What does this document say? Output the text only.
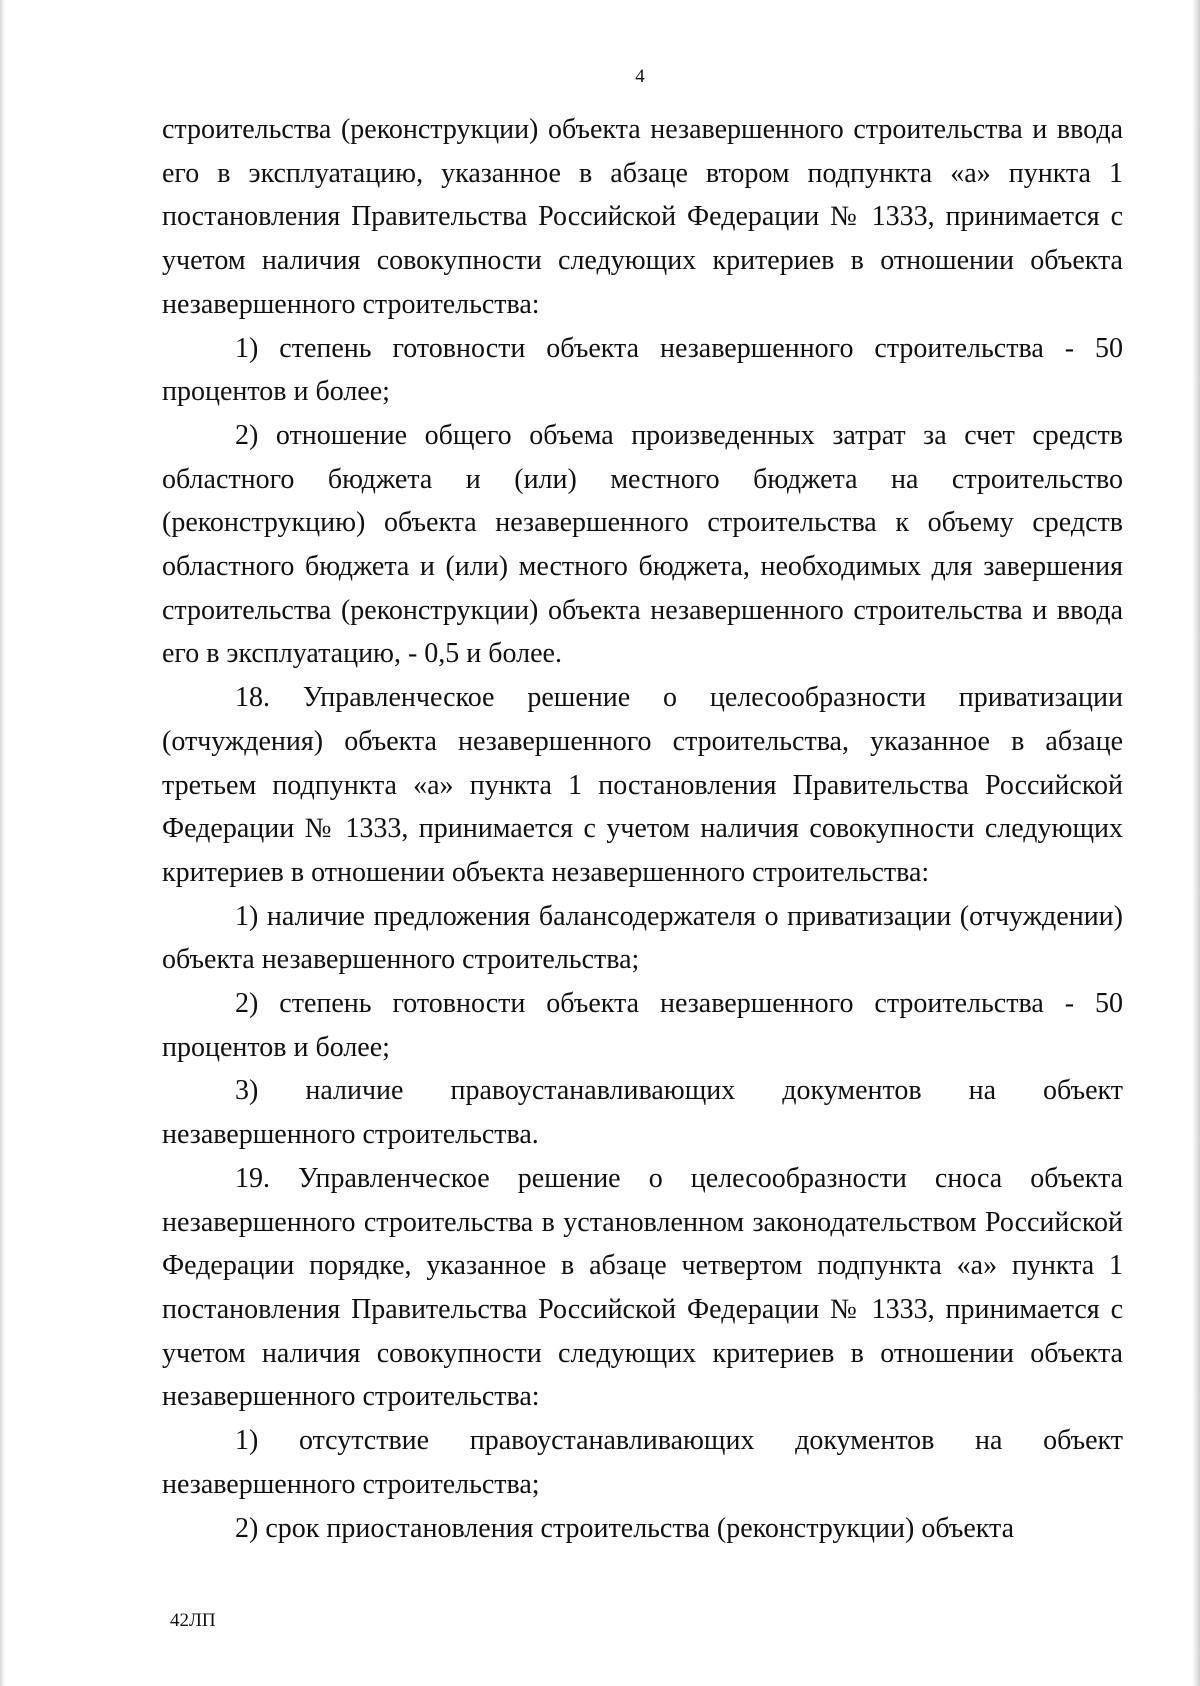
4

строительства (реконструкции) объекта незавершенного строительства и ввода его в эксплуатацию, указанное в абзаце втором подпункта «а» пункта 1 постановления Правительства Российской Федерации № 1333, принимается с учетом наличия совокупности следующих критериев в отношении объекта незавершенного строительства:

1) степень готовности объекта незавершенного строительства - 50 процентов и более;

2) отношение общего объема произведенных затрат за счет средств областного бюджета и (или) местного бюджета на строительство (реконструкцию) объекта незавершенного строительства к объему средств областного бюджета и (или) местного бюджета, необходимых для завершения строительства (реконструкции) объекта незавершенного строительства и ввода его в эксплуатацию, - 0,5 и более.

18. Управленческое решение о целесообразности приватизации (отчуждения) объекта незавершенного строительства, указанное в абзаце третьем подпункта «а» пункта 1 постановления Правительства Российской Федерации № 1333, принимается с учетом наличия совокупности следующих критериев в отношении объекта незавершенного строительства:

1) наличие предложения балансодержателя о приватизации (отчуждении) объекта незавершенного строительства;

2) степень готовности объекта незавершенного строительства - 50 процентов и более;

3) наличие правоустанавливающих документов на объект незавершенного строительства.

19. Управленческое решение о целесообразности сноса объекта незавершенного строительства в установленном законодательством Российской Федерации порядке, указанное в абзаце четвертом подпункта «а» пункта 1 постановления Правительства Российской Федерации № 1333, принимается с учетом наличия совокупности следующих критериев в отношении объекта незавершенного строительства:

1) отсутствие правоустанавливающих документов на объект незавершенного строительства;

2) срок приостановления строительства (реконструкции) объекта

42ЛП
